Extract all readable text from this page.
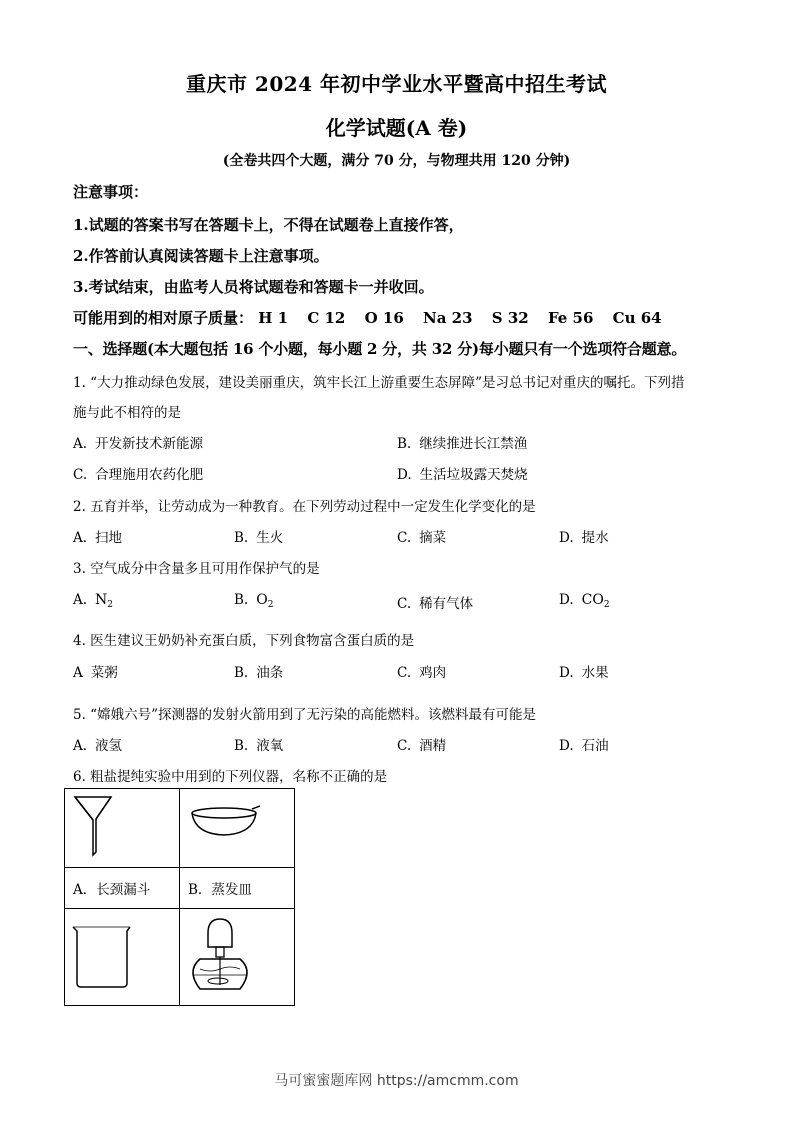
重庆市 2024 年初中学业水平暨高中招生考试
化学试题(A 卷)
(全卷共四个大题，满分 70 分，与物理共用 120 分钟)
注意事项：
1.试题的答案书写在答题卡上，不得在试题卷上直接作答，
2.作答前认真阅读答题卡上注意事项。
3.考试结束，由监考人员将试题卷和答题卡一并收回。
可能用到的相对原子质量： H 1 C 12 O 16 Na 23 S 32 Fe 56 Cu 64
一、选择题(本大题包括 16 个小题，每小题 2 分，共 32 分)每小题只有一个选项符合题意。
1. “大力推动绿色发展，建设美丽重庆，筑牢长江上游重要生态屏障”是习总书记对重庆的嘱托。下列措
施与此不相符的是
A. 开发新技术新能源	B. 继续推进长江禁渔
C. 合理施用农药化肥	D. 生活垃圾露天焚烧
2. 五育并举，让劳动成为一种教育。在下列劳动过程中一定发生化学变化的是
A. 扫地	B. 生火	C. 摘菜	D. 提水
3. 空气成分中含量多且可用作保护气的是
A. $N_2$	B. $O_2$	C. 稀有气体	D. $CO_2$
4. 医生建议王奶奶补充蛋白质，下列食物富含蛋白质的是
A 菜粥	B. 油条	C. 鸡肉	D. 水果
5. “嫦娥六号”探测器的发射火箭用到了无污染的高能燃料。该燃料最有可能是
A. 液氢	B. 液氧	C. 酒精	D. 石油
6. 粗盐提纯实验中用到的下列仪器，名称不正确的是

A．长颈漏斗	B．蒸发皿

马可蜜蜜题库网 https://amcmm.com
